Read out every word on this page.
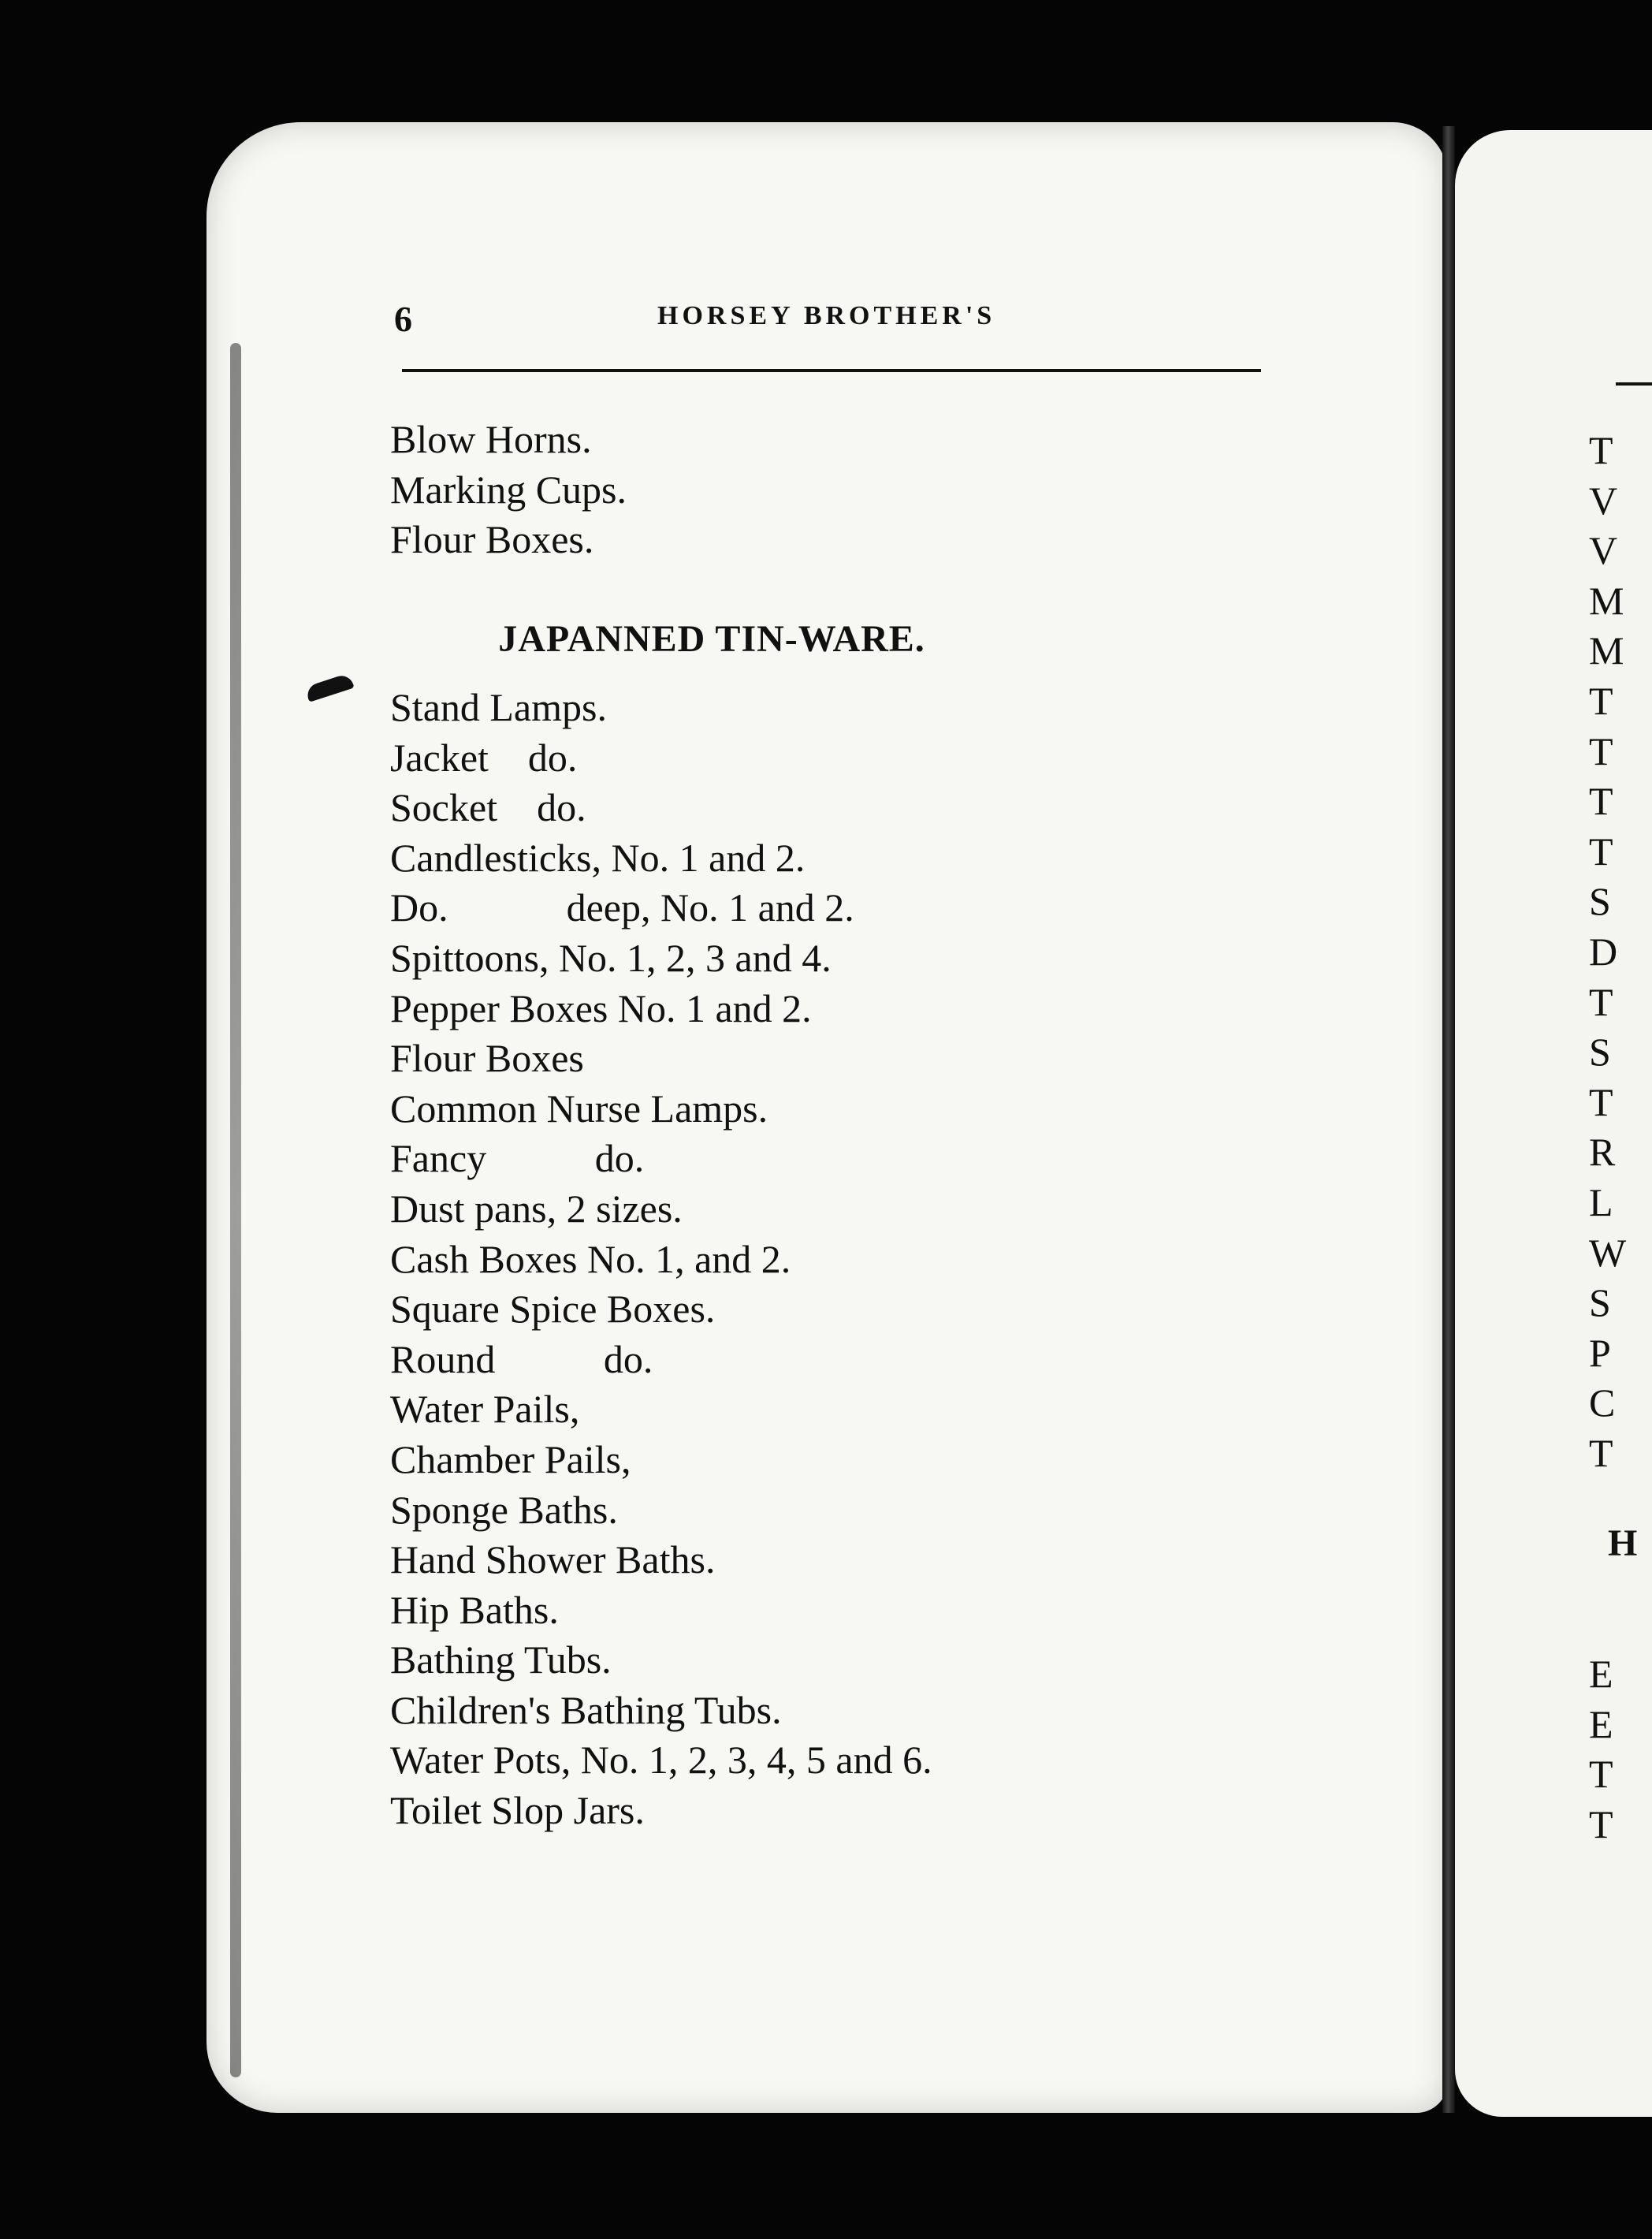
6	HORSEY BROTHER'S
Blow Horns.
Marking Cups.
Flour Boxes.
JAPANNED TIN-WARE.
Stand Lamps.
Jacket    do.
Socket    do.
Candlesticks, No. 1 and 2.
Do.            deep, No. 1 and 2.
Spittoons, No. 1, 2, 3 and 4.
Pepper Boxes No. 1 and 2.
Flour Boxes
Common Nurse Lamps.
Fancy           do.
Dust pans, 2 sizes.
Cash Boxes No. 1, and 2.
Square Spice Boxes.
Round           do.
Water Pails,
Chamber Pails,
Sponge Baths.
Hand Shower Baths.
Hip Baths.
Bathing Tubs.
Children's Bathing Tubs.
Water Pots, No. 1, 2, 3, 4, 5 and 6.
Toilet Slop Jars.
T
V
V
M
M
T
T
T
T
S
D
T
S
T
R
L
W
S
P
C
T
H
E
E
T
T
